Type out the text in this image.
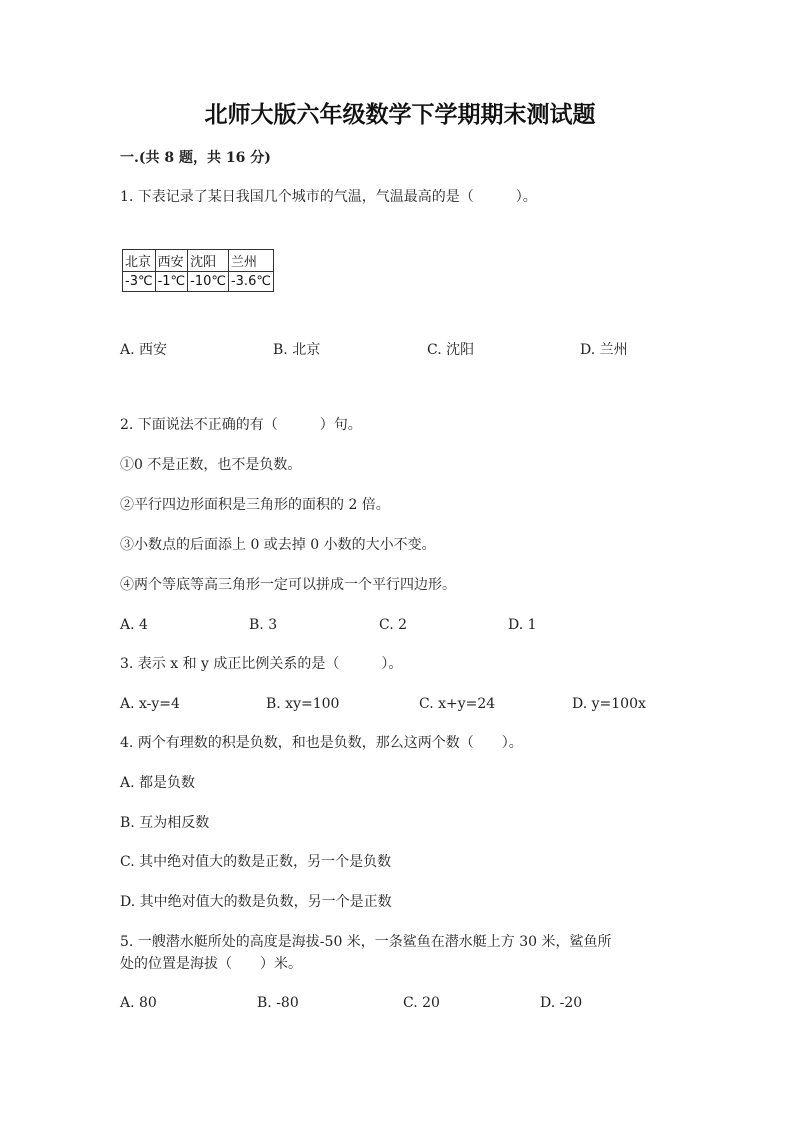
北师大版六年级数学下学期期末测试题
一.(共 8 题，共 16 分)
1. 下表记录了某日我国几个城市的气温，气温最高的是（　　　）。
北京	西安	沈阳	兰州
-3℃	-1℃	-10℃	-3.6℃
A. 西安	B. 北京	C. 沈阳	D. 兰州
2. 下面说法不正确的有（　　　）句。
①0 不是正数，也不是负数。
②平行四边形面积是三角形的面积的 2 倍。
③小数点的后面添上 0 或去掉 0 小数的大小不变。
④两个等底等高三角形一定可以拼成一个平行四边形。
A. 4	B. 3	C. 2	D. 1
3. 表示 x 和 y 成正比例关系的是（　　　）。
A. x-y=4	B. xy=100	C. x+y=24	D. y=100x
4. 两个有理数的积是负数，和也是负数，那么这两个数（　　）。
A. 都是负数
B. 互为相反数
C. 其中绝对值大的数是正数，另一个是负数
D. 其中绝对值大的数是负数，另一个是正数
5. 一艘潜水艇所处的高度是海拔-50 米，一条鲨鱼在潜水艇上方 30 米，鲨鱼所
处的位置是海拔（　　）米。
A. 80	B. -80	C. 20	D. -20
